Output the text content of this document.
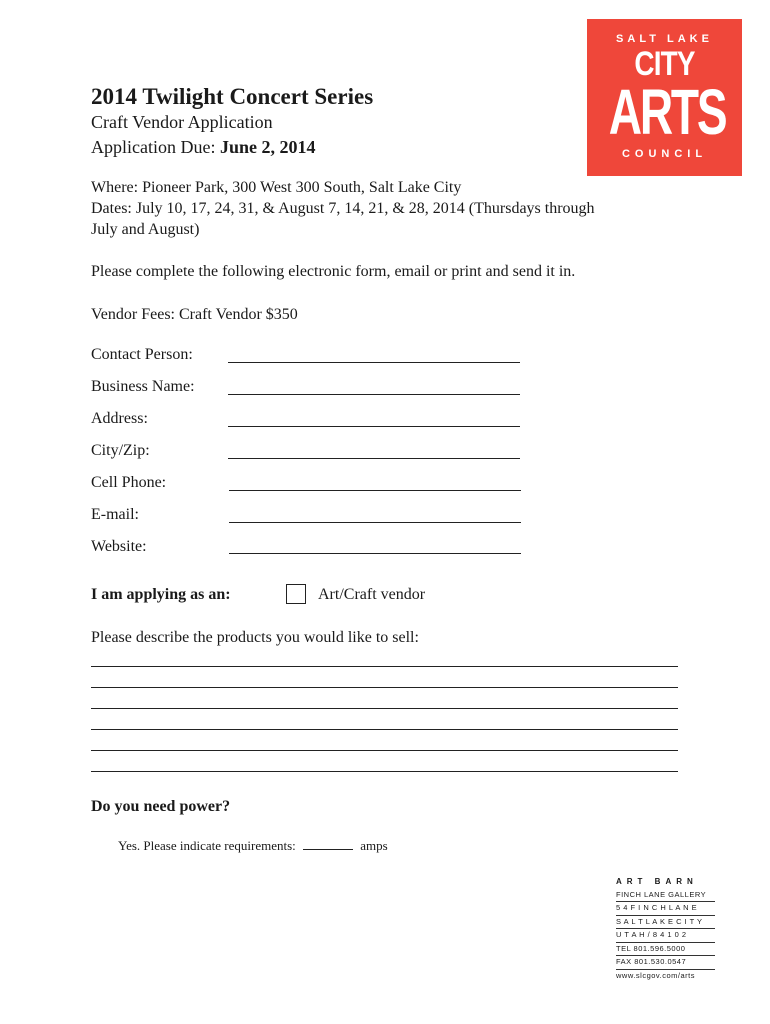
2014 Twilight Concert Series
Craft Vendor Application
Application Due: June 2, 2014
SALT LAKE
CITY
ARTS
COUNCIL
Where: Pioneer Park, 300 West 300 South, Salt Lake City
Dates: July 10, 17, 24, 31, & August 7, 14, 21, & 28, 2014 (Thursdays through
July and August)
Please complete the following electronic form, email or print and send it in.
Vendor Fees: Craft Vendor $350
Contact Person:
Business Name:
Address:
City/Zip:
Cell Phone:
E-mail:
Website:
I am applying as an:	Art/Craft vendor
Please describe the products you would like to sell:
Do you need power?
Yes. Please indicate requirements:	amps
ART BARN
FINCH LANE GALLERY
5 4 F I N C H L A N E
S A L T L A K E C I T Y
U T A H / 8 4 1 0 2
TEL 801.596.5000
FAX 801.530.0547
www.slcgov.com/arts
